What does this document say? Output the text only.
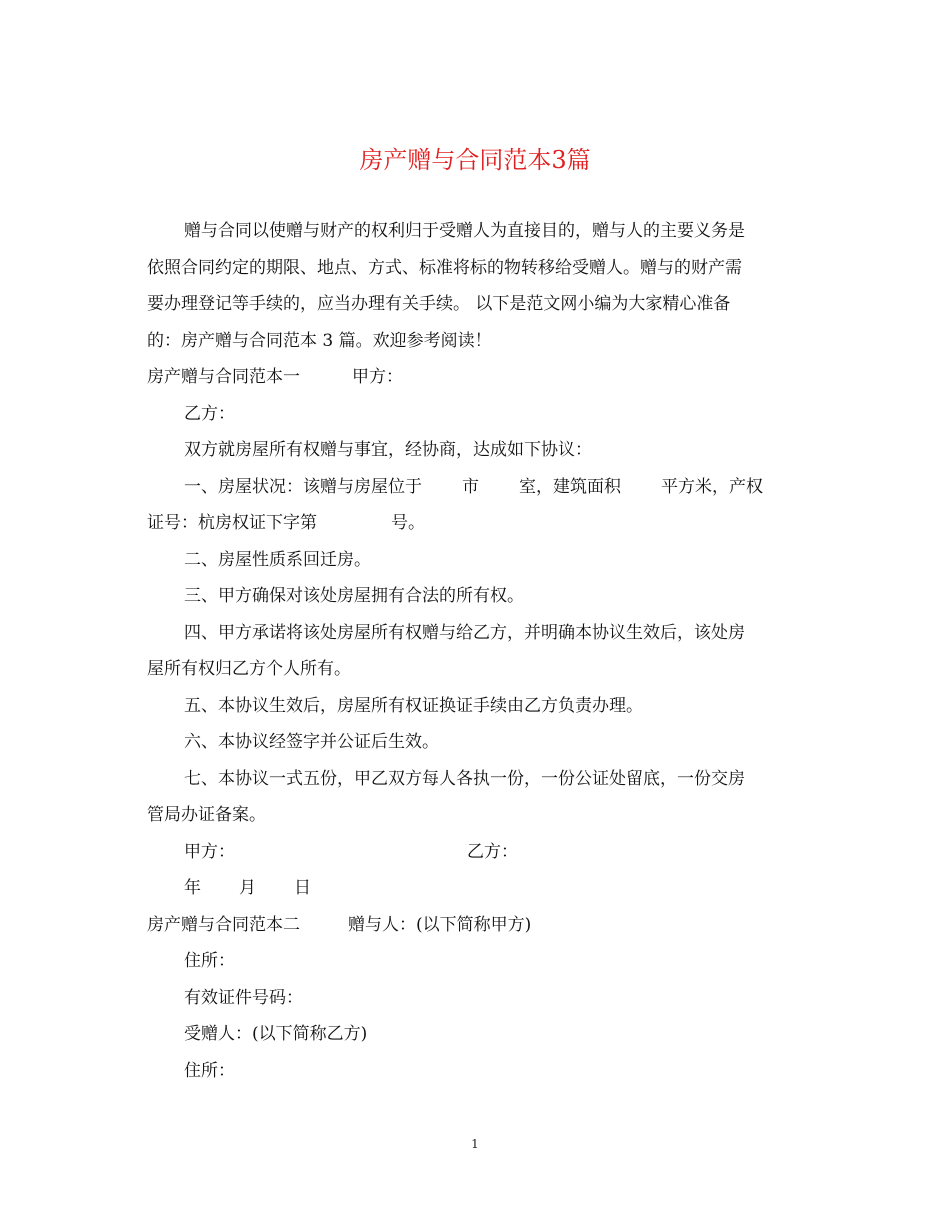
房产赠与合同范本3篇

赠与合同以使赠与财产的权利归于受赠人为直接目的，赠与人的主要义务是

依照合同约定的期限、地点、方式、标准将标的物转移给受赠人。赠与的财产需

要办理登记等手续的，应当办理有关手续。 以下是范文网小编为大家精心准备

的：房产赠与合同范本 3 篇。欢迎参考阅读！

房产赠与合同范本一	甲方：

乙方：

双方就房屋所有权赠与事宜，经协商，达成如下协议：

一、房屋状况：该赠与房屋位于 市 室，建筑面积 平方米，产权

证号：杭房权证下字第	号。

二、房屋性质系回迁房。

三、甲方确保对该处房屋拥有合法的所有权。

四、甲方承诺将该处房屋所有权赠与给乙方，并明确本协议生效后，该处房

屋所有权归乙方个人所有。

五、本协议生效后，房屋所有权证换证手续由乙方负责办理。

六、本协议经签字并公证后生效。

七、本协议一式五份，甲乙双方每人各执一份，一份公证处留底，一份交房

管局办证备案。

甲方：	乙方：

年 月 日

房产赠与合同范本二	赠与人：(以下简称甲方)

住所：

有效证件号码：

受赠人：(以下简称乙方)

住所：

1
